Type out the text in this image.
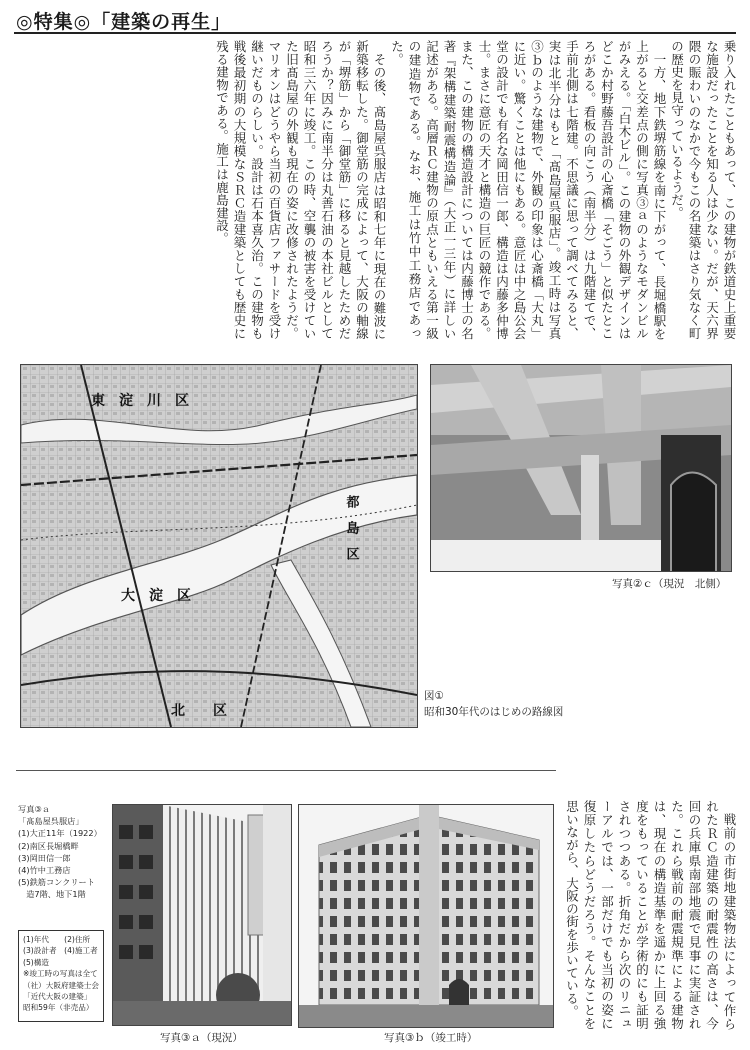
◎特集◎「建築の再生」

乗り入れたこともあって、この建物が鉄道史上重要な施設だったことを知る人は少ない。だが、天六界隈の賑わいのなかで今もこの名建築はさり気なく町の歴史を見守っているようだ。

一方、地下鉄堺筋線を南に下がって、長堀橋駅を上がると交差点の側に写真③ａのようなモダンビルがみえる。「白木ビル」。この建物の外観デザインはどこか村野藤吾設計の心斎橋「そごう」と似たところがある。看板の向こう（南半分）は九階建てで、手前北側は七階建。不思議に思って調べてみると、実は北半分はもと「髙島屋呉服店」。竣工時は写真③ｂのような建物で、外観の印象は心斎橋「大丸」に近い。驚くことは他にもある。意匠は中之島公会堂の設計でも有名な岡田信一郎、構造は内藤多仲博士。まさに意匠の天才と構造の巨匠の競作である。また、この建物の構造設計については内藤博士の名著『架構建築耐震構造論』（大正一三年）に詳しい記述がある。高層ＲＣ建物の原点ともいえる第一級の建造物である。なお、施工は竹中工務店であった。

その後、髙島屋呉服店は昭和七年に現在の難波に新築移転した。御堂筋の完成によって、大阪の軸線が「堺筋」から「御堂筋」に移ると見越したためだろうか？因みに南半分は丸善石油の本社ビルとして昭和三六年に竣工。この時、空襲の被害を受けていた旧髙島屋の外観も現在の姿に改修されたようだ。マリオンはどうやら当初の百貨店ファサードを受け継いだものらしい。設計は石本喜久治。この建物も戦後最初期の大規模なＳＲＣ造建築としても歴史に残る建物である。施工は鹿島建設。

東　淀　川　区
大　淀　区
北　　区
都　島　区
図①
昭和30年代のはじめの路線図
写真②ｃ（現況　北側）
写真③ａ
「髙島屋呉服店」
(1)大正11年（1922）
(2)南区長堀橋畔
(3)岡田信一郎
(4)竹中工務店
(5)鉄筋コンクリート
　造7階、地下1階
(1)年代　　(2)住所
(3)設計者　(4)施工者
(5)構造
※竣工時の写真は全て
（社）大阪府建築士会
「近代大阪の建築」
昭和59年（非売品）
写真③ａ（現況）	写真③ｂ（竣工時）

戦前の市街地建築物法によって作られたＲＣ造建築の耐震性の高さは、今回の兵庫県南部地震で見事に実証された。これら戦前の耐震規準による建物は、現在の構造基準を遥かに上回る強度をもっていることが学術的にも証明されつつある。折角だから次のリニューアルでは、一部だけでも当初の姿に復原したらどうだろう。そんなことを思いながら、大阪の街を歩いている。
